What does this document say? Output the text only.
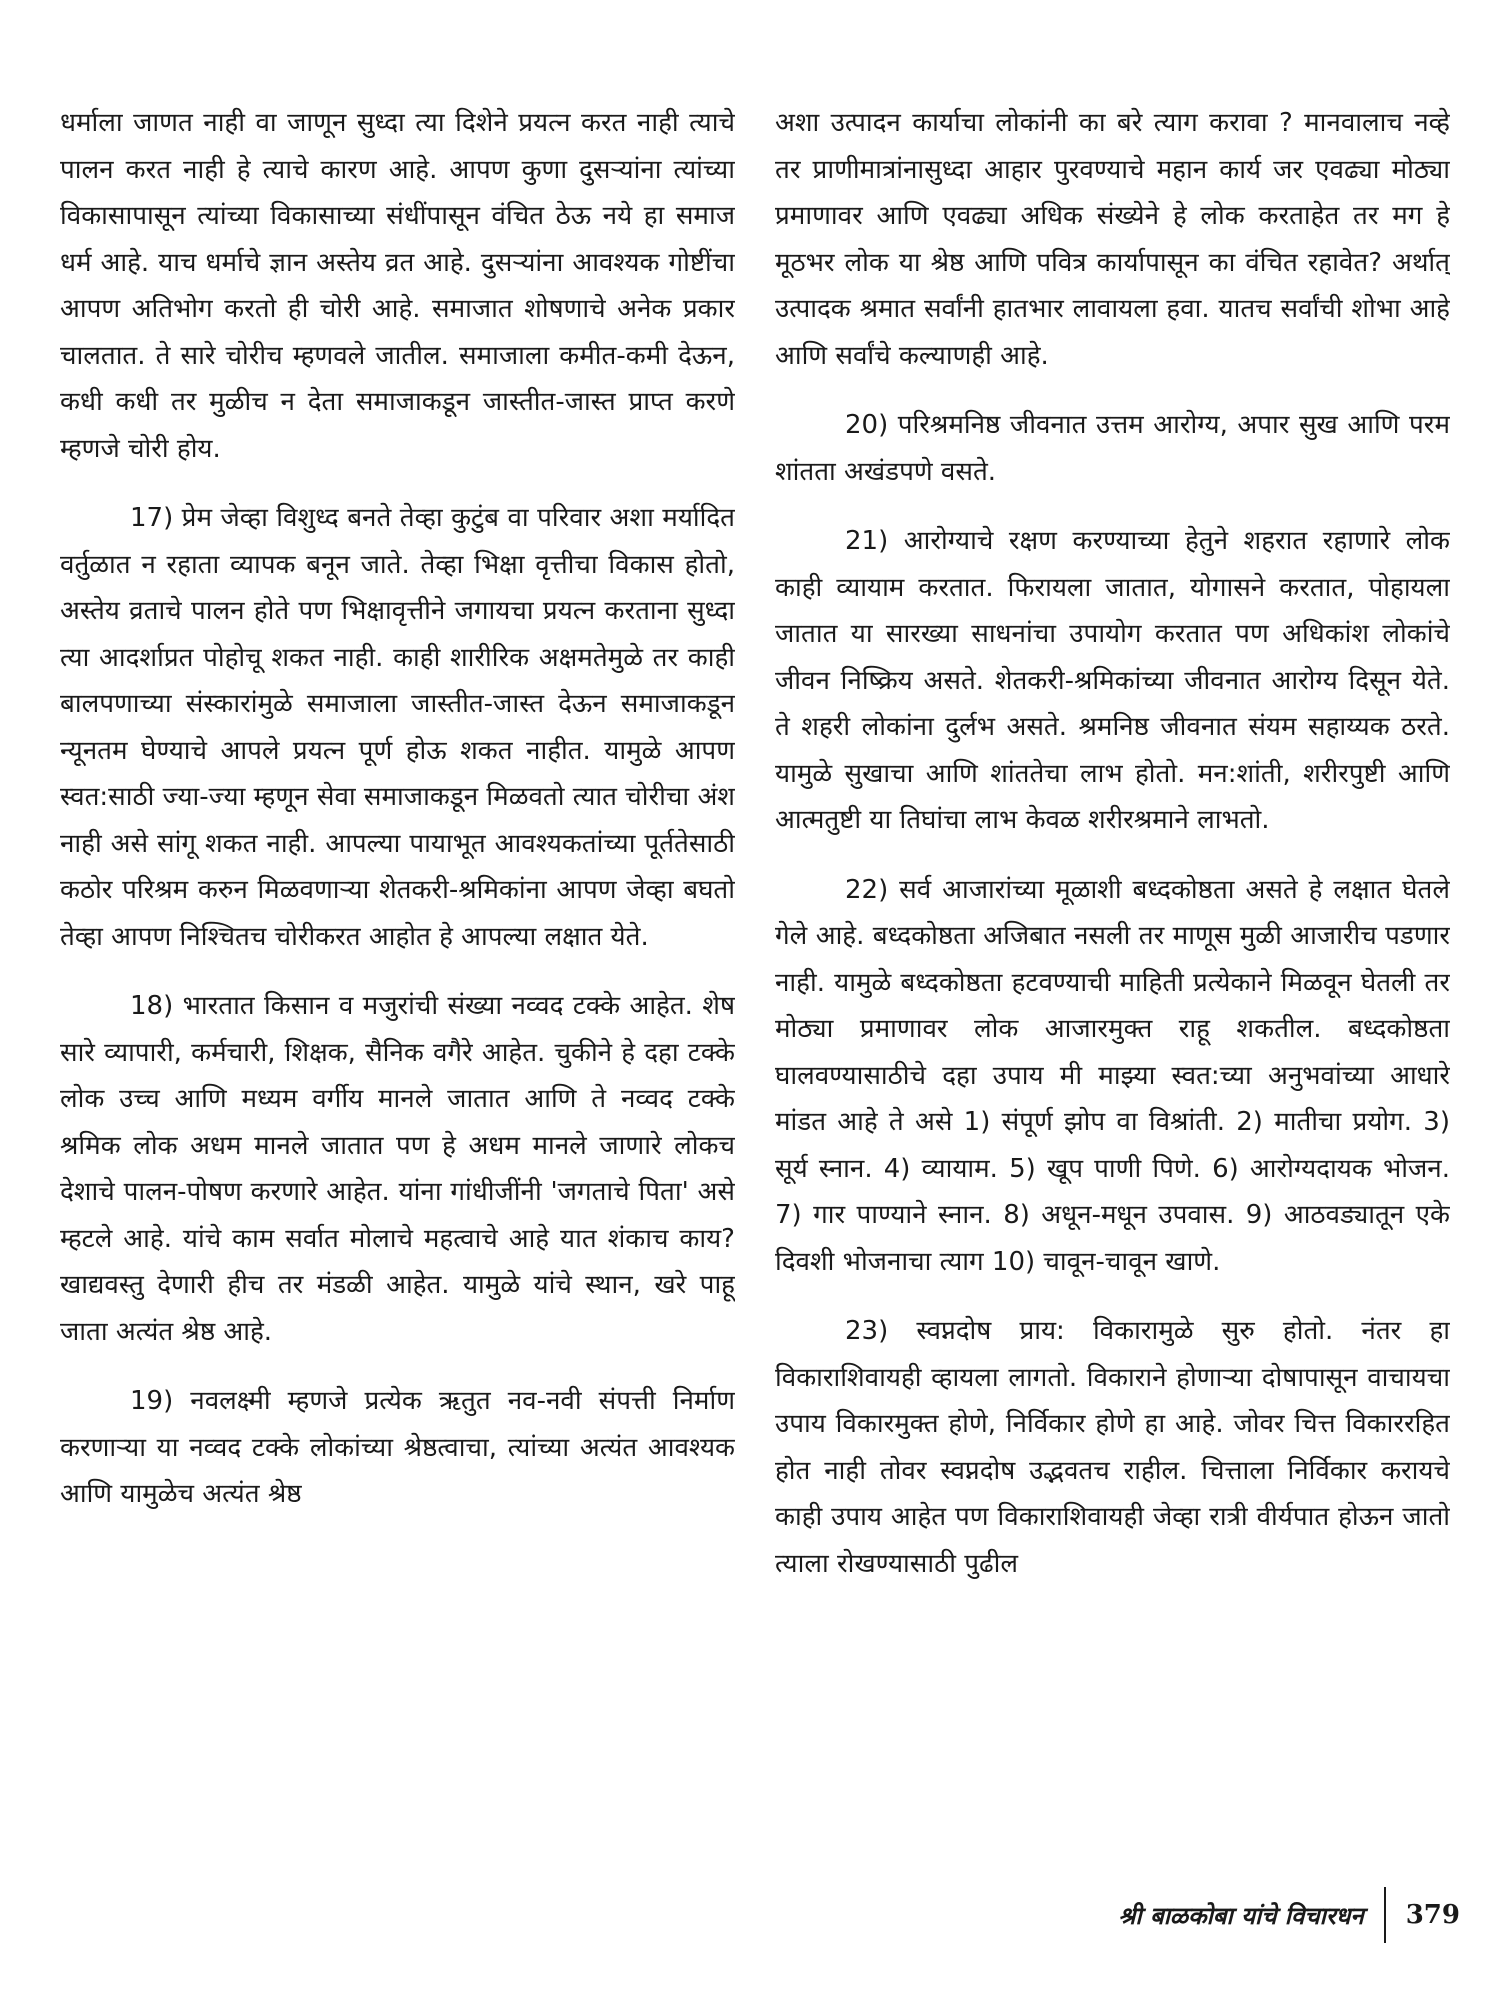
धर्माला जाणत नाही वा जाणून सुध्दा त्या दिशेने प्रयत्न करत नाही त्याचे पालन करत नाही हे त्याचे कारण आहे. आपण कुणा दुसऱ्यांना त्यांच्या विकासापासून त्यांच्या विकासाच्या संधींपासून वंचित ठेऊ नये हा समाज धर्म आहे. याच धर्माचे ज्ञान अस्तेय व्रत आहे. दुसऱ्यांना आवश्यक गोष्टींचा आपण अतिभोग करतो ही चोरी आहे. समाजात शोषणाचे अनेक प्रकार चालतात. ते सारे चोरीच म्हणवले जातील. समाजाला कमीत-कमी देऊन, कधी कधी तर मुळीच न देता समाजाकडून जास्तीत-जास्त प्राप्त करणे म्हणजे चोरी होय.

17) प्रेम जेव्हा विशुध्द बनते तेव्हा कुटुंब वा परिवार अशा मर्यादित वर्तुळात न रहाता व्यापक बनून जाते. तेव्हा भिक्षा वृत्तीचा विकास होतो, अस्तेय व्रताचे पालन होते पण भिक्षावृत्तीने जगायचा प्रयत्न करताना सुध्दा त्या आदर्शाप्रत पोहोचू शकत नाही. काही शारीरिक अक्षमतेमुळे तर काही बालपणाच्या संस्कारांमुळे समाजाला जास्तीत-जास्त देऊन समाजाकडून न्यूनतम घेण्याचे आपले प्रयत्न पूर्ण होऊ शकत नाहीत. यामुळे आपण स्वत:साठी ज्या-ज्या म्हणून सेवा समाजाकडून मिळवतो त्यात चोरीचा अंश नाही असे सांगू शकत नाही. आपल्या पायाभूत आवश्यकतांच्या पूर्ततेसाठी कठोर परिश्रम करुन मिळवणाऱ्या शेतकरी-श्रमिकांना आपण जेव्हा बघतो तेव्हा आपण निश्चितच चोरीकरत आहोत हे आपल्या लक्षात येते.

18) भारतात किसान व मजुरांची संख्या नव्वद टक्के आहेत. शेष सारे व्यापारी, कर्मचारी, शिक्षक, सैनिक वगैरे आहेत. चुकीने हे दहा टक्के लोक उच्च आणि मध्यम वर्गीय मानले जातात आणि ते नव्वद टक्के श्रमिक लोक अधम मानले जातात पण हे अधम मानले जाणारे लोकच देशाचे पालन-पोषण करणारे आहेत. यांना गांधीजींनी 'जगताचे पिता' असे म्हटले आहे. यांचे काम सर्वात मोलाचे महत्वाचे आहे यात शंकाच काय? खाद्यवस्तु देणारी हीच तर मंडळी आहेत. यामुळे यांचे स्थान, खरे पाहू जाता अत्यंत श्रेष्ठ आहे.

19) नवलक्ष्मी म्हणजे प्रत्येक ऋतुत नव-नवी संपत्ती निर्माण करणाऱ्या या नव्वद टक्के लोकांच्या श्रेष्ठत्वाचा, त्यांच्या अत्यंत आवश्यक आणि यामुळेच अत्यंत श्रेष्ठ

अशा उत्पादन कार्याचा लोकांनी का बरे त्याग करावा ? मानवालाच नव्हे तर प्राणीमात्रांनासुध्दा आहार पुरवण्याचे महान कार्य जर एवढ्या मोठ्या प्रमाणावर आणि एवढ्या अधिक संख्येने हे लोक करताहेत तर मग हे मूठभर लोक या श्रेष्ठ आणि पवित्र कार्यापासून का वंचित रहावेत? अर्थात् उत्पादक श्रमात सर्वांनी हातभार लावायला हवा. यातच सर्वांची शोभा आहे आणि सर्वांचे कल्याणही आहे.

20) परिश्रमनिष्ठ जीवनात उत्तम आरोग्य, अपार सुख आणि परम शांतता अखंडपणे वसते.

21) आरोग्याचे रक्षण करण्याच्या हेतुने शहरात रहाणारे लोक काही व्यायाम करतात. फिरायला जातात, योगासने करतात, पोहायला जातात या सारख्या साधनांचा उपायोग करतात पण अधिकांश लोकांचे जीवन निष्क्रिय असते. शेतकरी-श्रमिकांच्या जीवनात आरोग्य दिसून येते. ते शहरी लोकांना दुर्लभ असते. श्रमनिष्ठ जीवनात संयम सहाय्यक ठरते. यामुळे सुखाचा आणि शांततेचा लाभ होतो. मन:शांती, शरीरपुष्टी आणि आत्मतुष्टी या तिघांचा लाभ केवळ शरीरश्रमाने लाभतो.

22) सर्व आजारांच्या मूळाशी बध्दकोष्ठता असते हे लक्षात घेतले गेले आहे. बध्दकोष्ठता अजिबात नसली तर माणूस मुळी आजारीच पडणार नाही. यामुळे बध्दकोष्ठता हटवण्याची माहिती प्रत्येकाने मिळवून घेतली तर मोठ्या प्रमाणावर लोक आजारमुक्त राहू शकतील. बध्दकोष्ठता घालवण्यासाठीचे दहा उपाय मी माझ्या स्वत:च्या अनुभवांच्या आधारे मांडत आहे ते असे 1) संपूर्ण झोप वा विश्रांती. 2) मातीचा प्रयोग. 3) सूर्य स्नान. 4) व्यायाम. 5) खूप पाणी पिणे. 6) आरोग्यदायक भोजन. 7) गार पाण्याने स्नान. 8) अधून-मधून उपवास. 9) आठवड्यातून एके दिवशी भोजनाचा त्याग 10) चावून-चावून खाणे.

23) स्वप्नदोष प्राय: विकारामुळे सुरु होतो. नंतर हा विकाराशिवायही व्हायला लागतो. विकाराने होणाऱ्या दोषापासून वाचायचा उपाय विकारमुक्त होणे, निर्विकार होणे हा आहे. जोवर चित्त विकाररहित होत नाही तोवर स्वप्नदोष उद्भवतच राहील. चित्ताला निर्विकार करायचे काही उपाय आहेत पण विकाराशिवायही जेव्हा रात्री वीर्यपात होऊन जातो त्याला रोखण्यासाठी पुढील

श्री बाळकोबा यांचे विचारधन	379
